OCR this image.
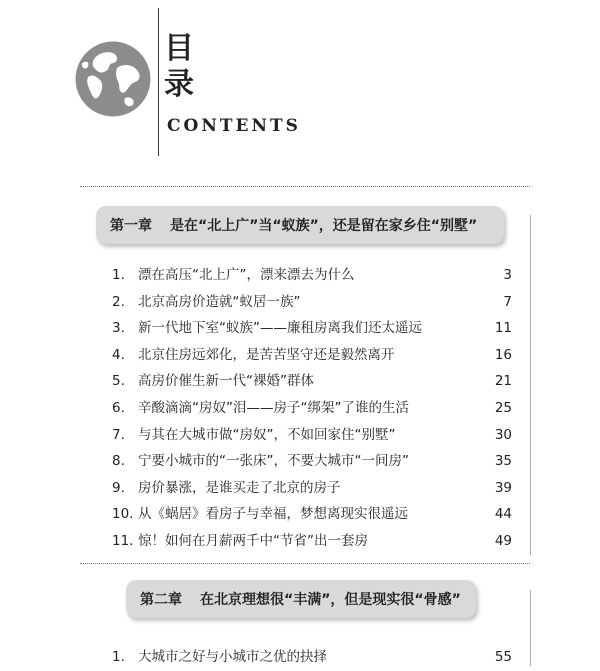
目
录
CONTENTS
第一章 是在“北上广”当“蚁族”，还是留在家乡住“别墅”
1. 漂在高压“北上广”，漂来漂去为什么	3
2. 北京高房价造就“蚁居一族”	7
3. 新一代地下室“蚁族”——廉租房离我们还太遥远	11
4. 北京住房远郊化，是苦苦坚守还是毅然离开	16
5. 高房价催生新一代“裸婚”群体	21
6. 辛酸滴滴“房奴”泪——房子“绑架”了谁的生活	25
7. 与其在大城市做“房奴”，不如回家住“别墅”	30
8. 宁要小城市的“一张床”，不要大城市“一间房”	35
9. 房价暴涨，是谁买走了北京的房子	39
10. 从《蜗居》看房子与幸福，梦想离现实很遥远	44
11. 惊！如何在月薪两千中“节省”出一套房	49
第二章 在北京理想很“丰满”，但是现实很“骨感”
1. 大城市之好与小城市之优的抉择	55
